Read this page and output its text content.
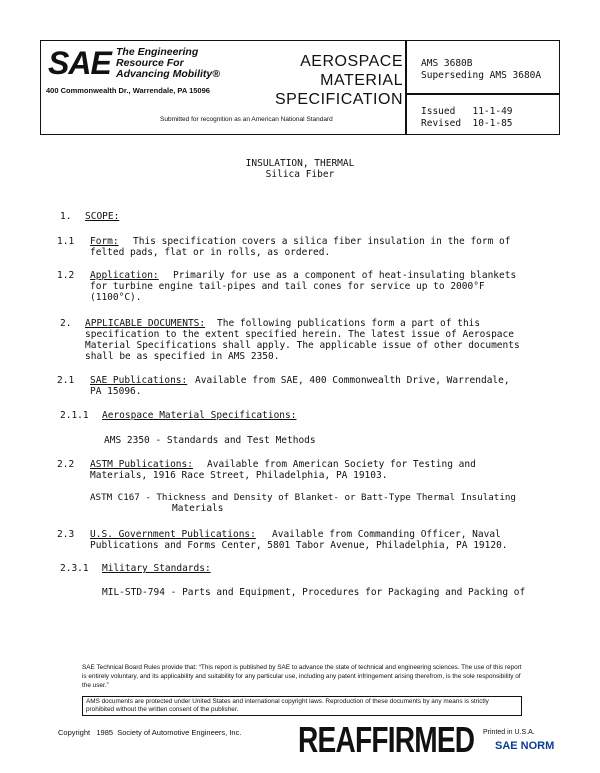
SAE The Engineering
Resource For
Advancing Mobility®
400 Commonwealth Dr., Warrendale, PA 15096
AEROSPACE
MATERIAL
SPECIFICATION
Submitted for recognition as an American National Standard
AMS 3680B
Superseding AMS 3680A
Issued   11-1-49
Revised  10-1-85
INSULATION, THERMAL
Silica Fiber
1. SCOPE:
1.1 Form: This specification covers a silica fiber insulation in the form of
felted pads, flat or in rolls, as ordered.
1.2 Application: Primarily for use as a component of heat-insulating blankets
for turbine engine tail-pipes and tail cones for service up to 2000°F
(1100°C).
2. APPLICABLE DOCUMENTS: The following publications form a part of this
specification to the extent specified herein. The latest issue of Aerospace
Material Specifications shall apply. The applicable issue of other documents
shall be as specified in AMS 2350.
2.1 SAE Publications: Available from SAE, 400 Commonwealth Drive, Warrendale,
PA 15096.
2.1.1 Aerospace Material Specifications:
AMS 2350 - Standards and Test Methods
2.2 ASTM Publications: Available from American Society for Testing and
Materials, 1916 Race Street, Philadelphia, PA 19103.
ASTM C167 - Thickness and Density of Blanket- or Batt-Type Thermal Insulating
Materials
2.3 U.S. Government Publications: Available from Commanding Officer, Naval
Publications and Forms Center, 5801 Tabor Avenue, Philadelphia, PA 19120.
2.3.1 Military Standards:
MIL-STD-794 - Parts and Equipment, Procedures for Packaging and Packing of
SAE Technical Board Rules provide that: “This report is published by SAE to advance the state of technical and engineering sciences. The use of this report is entirely voluntary, and its applicability and suitability for any particular use, including any patent infringement arising therefrom, is the sole responsibility of the user.”
AMS documents are protected under United States and international copyright laws. Reproduction of these documents by any means is strictly prohibited without the written consent of the publisher.
Copyright   1985  Society of Automotive Engineers, Inc. REAFFIRMED Printed in U.S.A.
SAE NORM
